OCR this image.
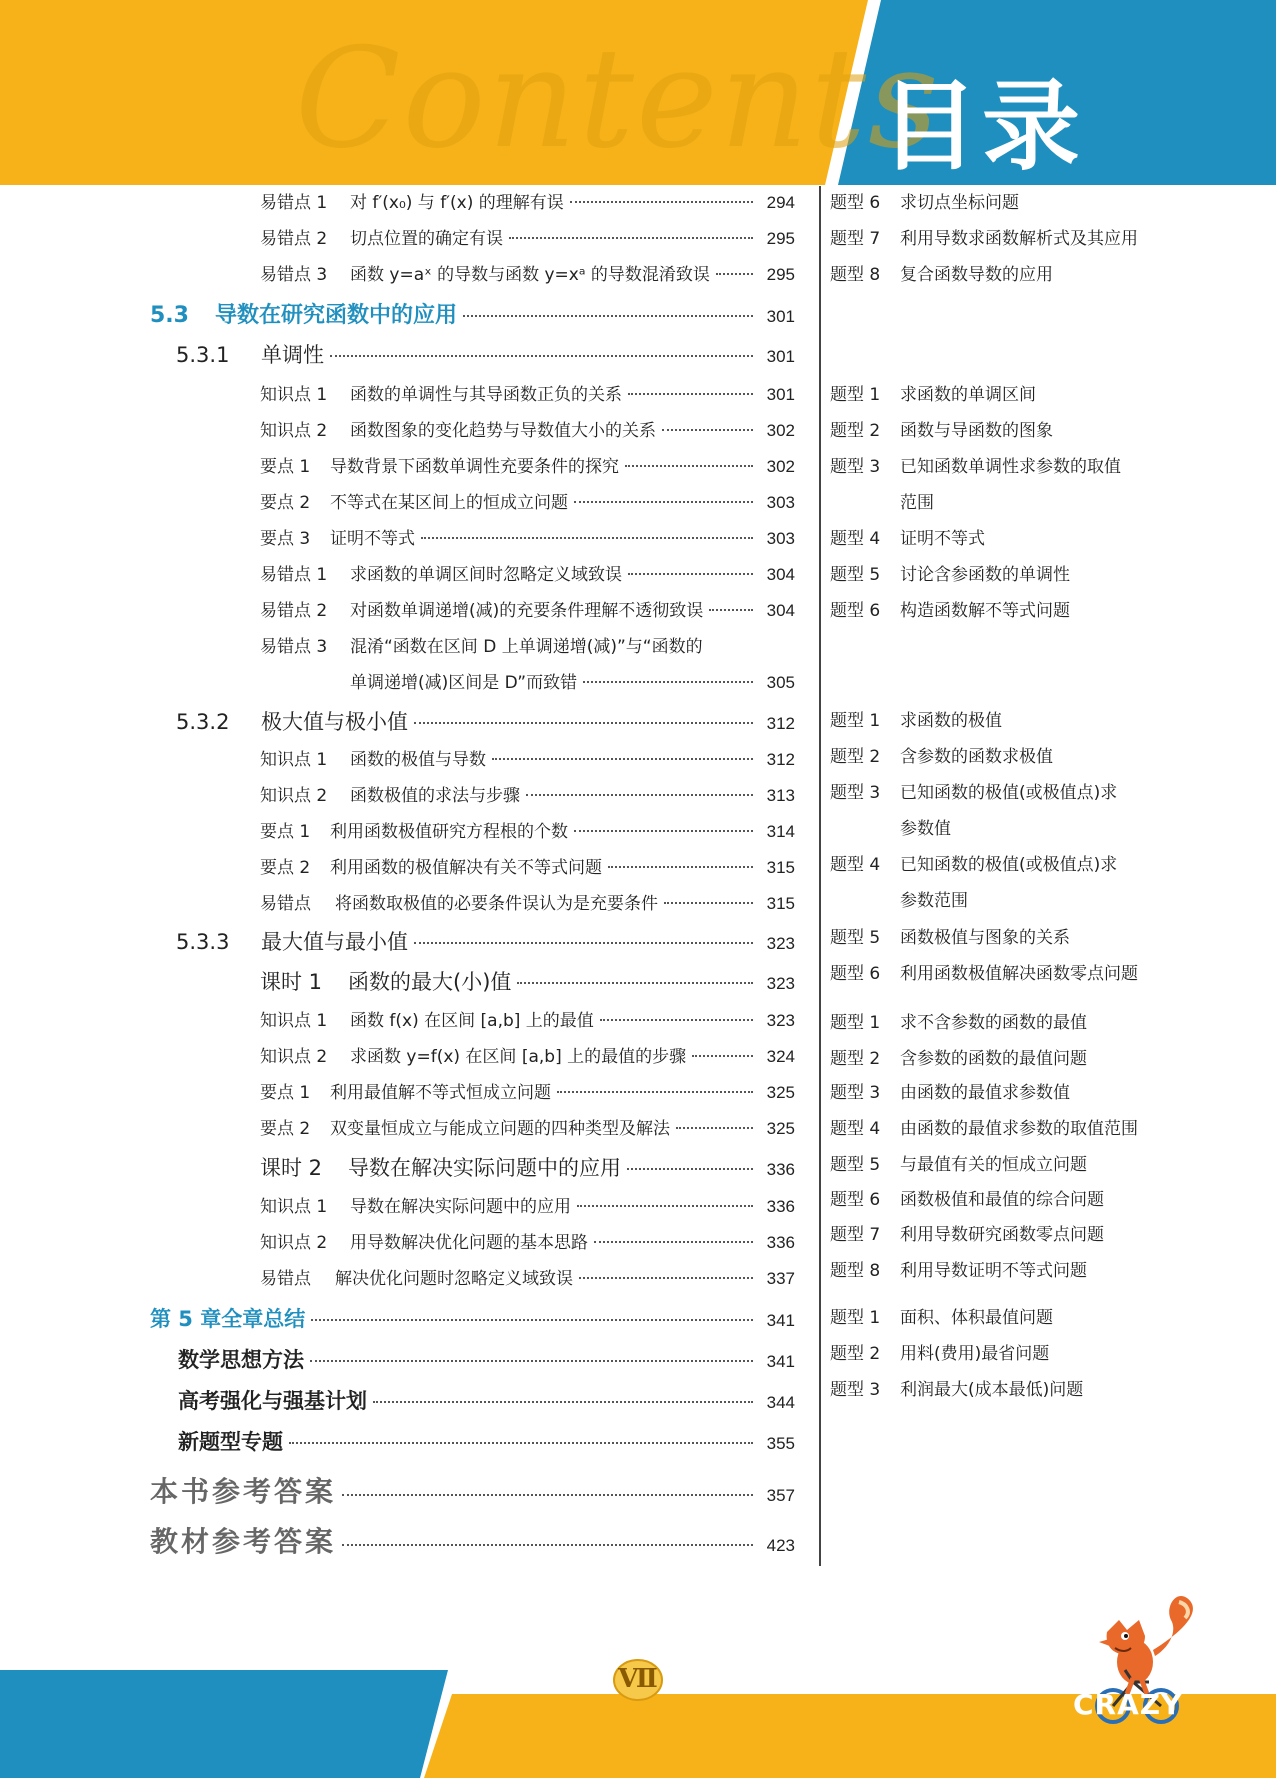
Contents
目录
易错点 1	对 f′(x₀) 与 f′(x) 的理解有误	294
易错点 2	切点位置的确定有误	295
易错点 3	函数 y=aˣ 的导数与函数 y=xᵃ 的导数混淆致误	295
5.3	导数在研究函数中的应用	301
5.3.1	单调性	301
知识点 1	函数的单调性与其导函数正负的关系	301
知识点 2	函数图象的变化趋势与导数值大小的关系	302
要点 1	导数背景下函数单调性充要条件的探究	302
要点 2	不等式在某区间上的恒成立问题	303
要点 3	证明不等式	303
易错点 1	求函数的单调区间时忽略定义域致误	304
易错点 2	对函数单调递增(减)的充要条件理解不透彻致误	304
易错点 3 混淆“函数在区间 D 上单调递增(减)”与“函数的
单调递增(减)区间是 D”而致错	305
5.3.2	极大值与极小值	312
知识点 1	函数的极值与导数	312
知识点 2	函数极值的求法与步骤	313
要点 1	利用函数极值研究方程根的个数	314
要点 2	利用函数的极值解决有关不等式问题	315
易错点	将函数取极值的必要条件误认为是充要条件	315
5.3.3	最大值与最小值	323
课时 1	函数的最大(小)值	323
知识点 1	函数 f(x) 在区间 [a,b] 上的最值	323
知识点 2	求函数 y=f(x) 在区间 [a,b] 上的最值的步骤	324
要点 1	利用最值解不等式恒成立问题	325
要点 2	双变量恒成立与能成立问题的四种类型及解法	325
课时 2	导数在解决实际问题中的应用	336
知识点 1	导数在解决实际问题中的应用	336
知识点 2	用导数解决优化问题的基本思路	336
易错点	解决优化问题时忽略定义域致误	337
第 5 章全章总结	341
数学思想方法	341
高考强化与强基计划	344
新题型专题	355
本书参考答案	357
教材参考答案	423
题型 6	求切点坐标问题
题型 7	利用导数求函数解析式及其应用
题型 8	复合函数导数的应用
题型 1	求函数的单调区间
题型 2	函数与导函数的图象
题型 3	已知函数单调性求参数的取值
范围
题型 4	证明不等式
题型 5	讨论含参函数的单调性
题型 6	构造函数解不等式问题
题型 1	求函数的极值
题型 2	含参数的函数求极值
题型 3	已知函数的极值(或极值点)求
参数值
题型 4	已知函数的极值(或极值点)求
参数范围
题型 5	函数极值与图象的关系
题型 6	利用函数极值解决函数零点问题
题型 1	求不含参数的函数的最值
题型 2	含参数的函数的最值问题
题型 3	由函数的最值求参数值
题型 4	由函数的最值求参数的取值范围
题型 5	与最值有关的恒成立问题
题型 6	函数极值和最值的综合问题
题型 7	利用导数研究函数零点问题
题型 8	利用导数证明不等式问题
题型 1	面积、体积最值问题
题型 2	用料(费用)最省问题
题型 3	利润最大(成本最低)问题
Ⅶ
CRAZY
